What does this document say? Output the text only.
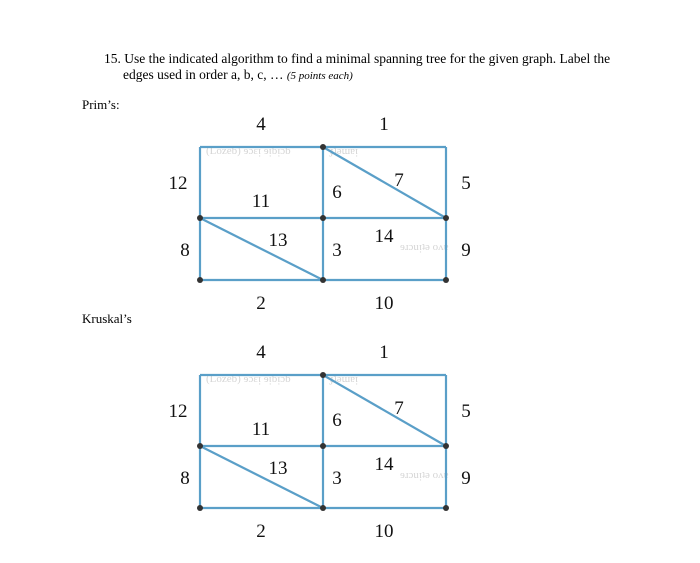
15. Use the indicated algorithm to find a minimal spanning tree for the given graph. Label the
edges used in order a, b, c, … (5 points each)
Prim’s:
Kruskal’s
(Lozeb) ɘɔɛᴉ ɘᴉbᴉɔb	ɟʇǝɯɐᴉ
ɘɹɔuᴉʇǝ oʌɐ
4	1
12	5
11	6
7
13 3
14
8	9
2	10
(Lozeb) ɘɔɛᴉ ɘᴉbᴉɔb	ɟʇǝɯɐᴉ
ɘɹɔuᴉʇǝ oʌɐ
4	1
12	5
11	6
7
13 3
14
8	9
2	10
